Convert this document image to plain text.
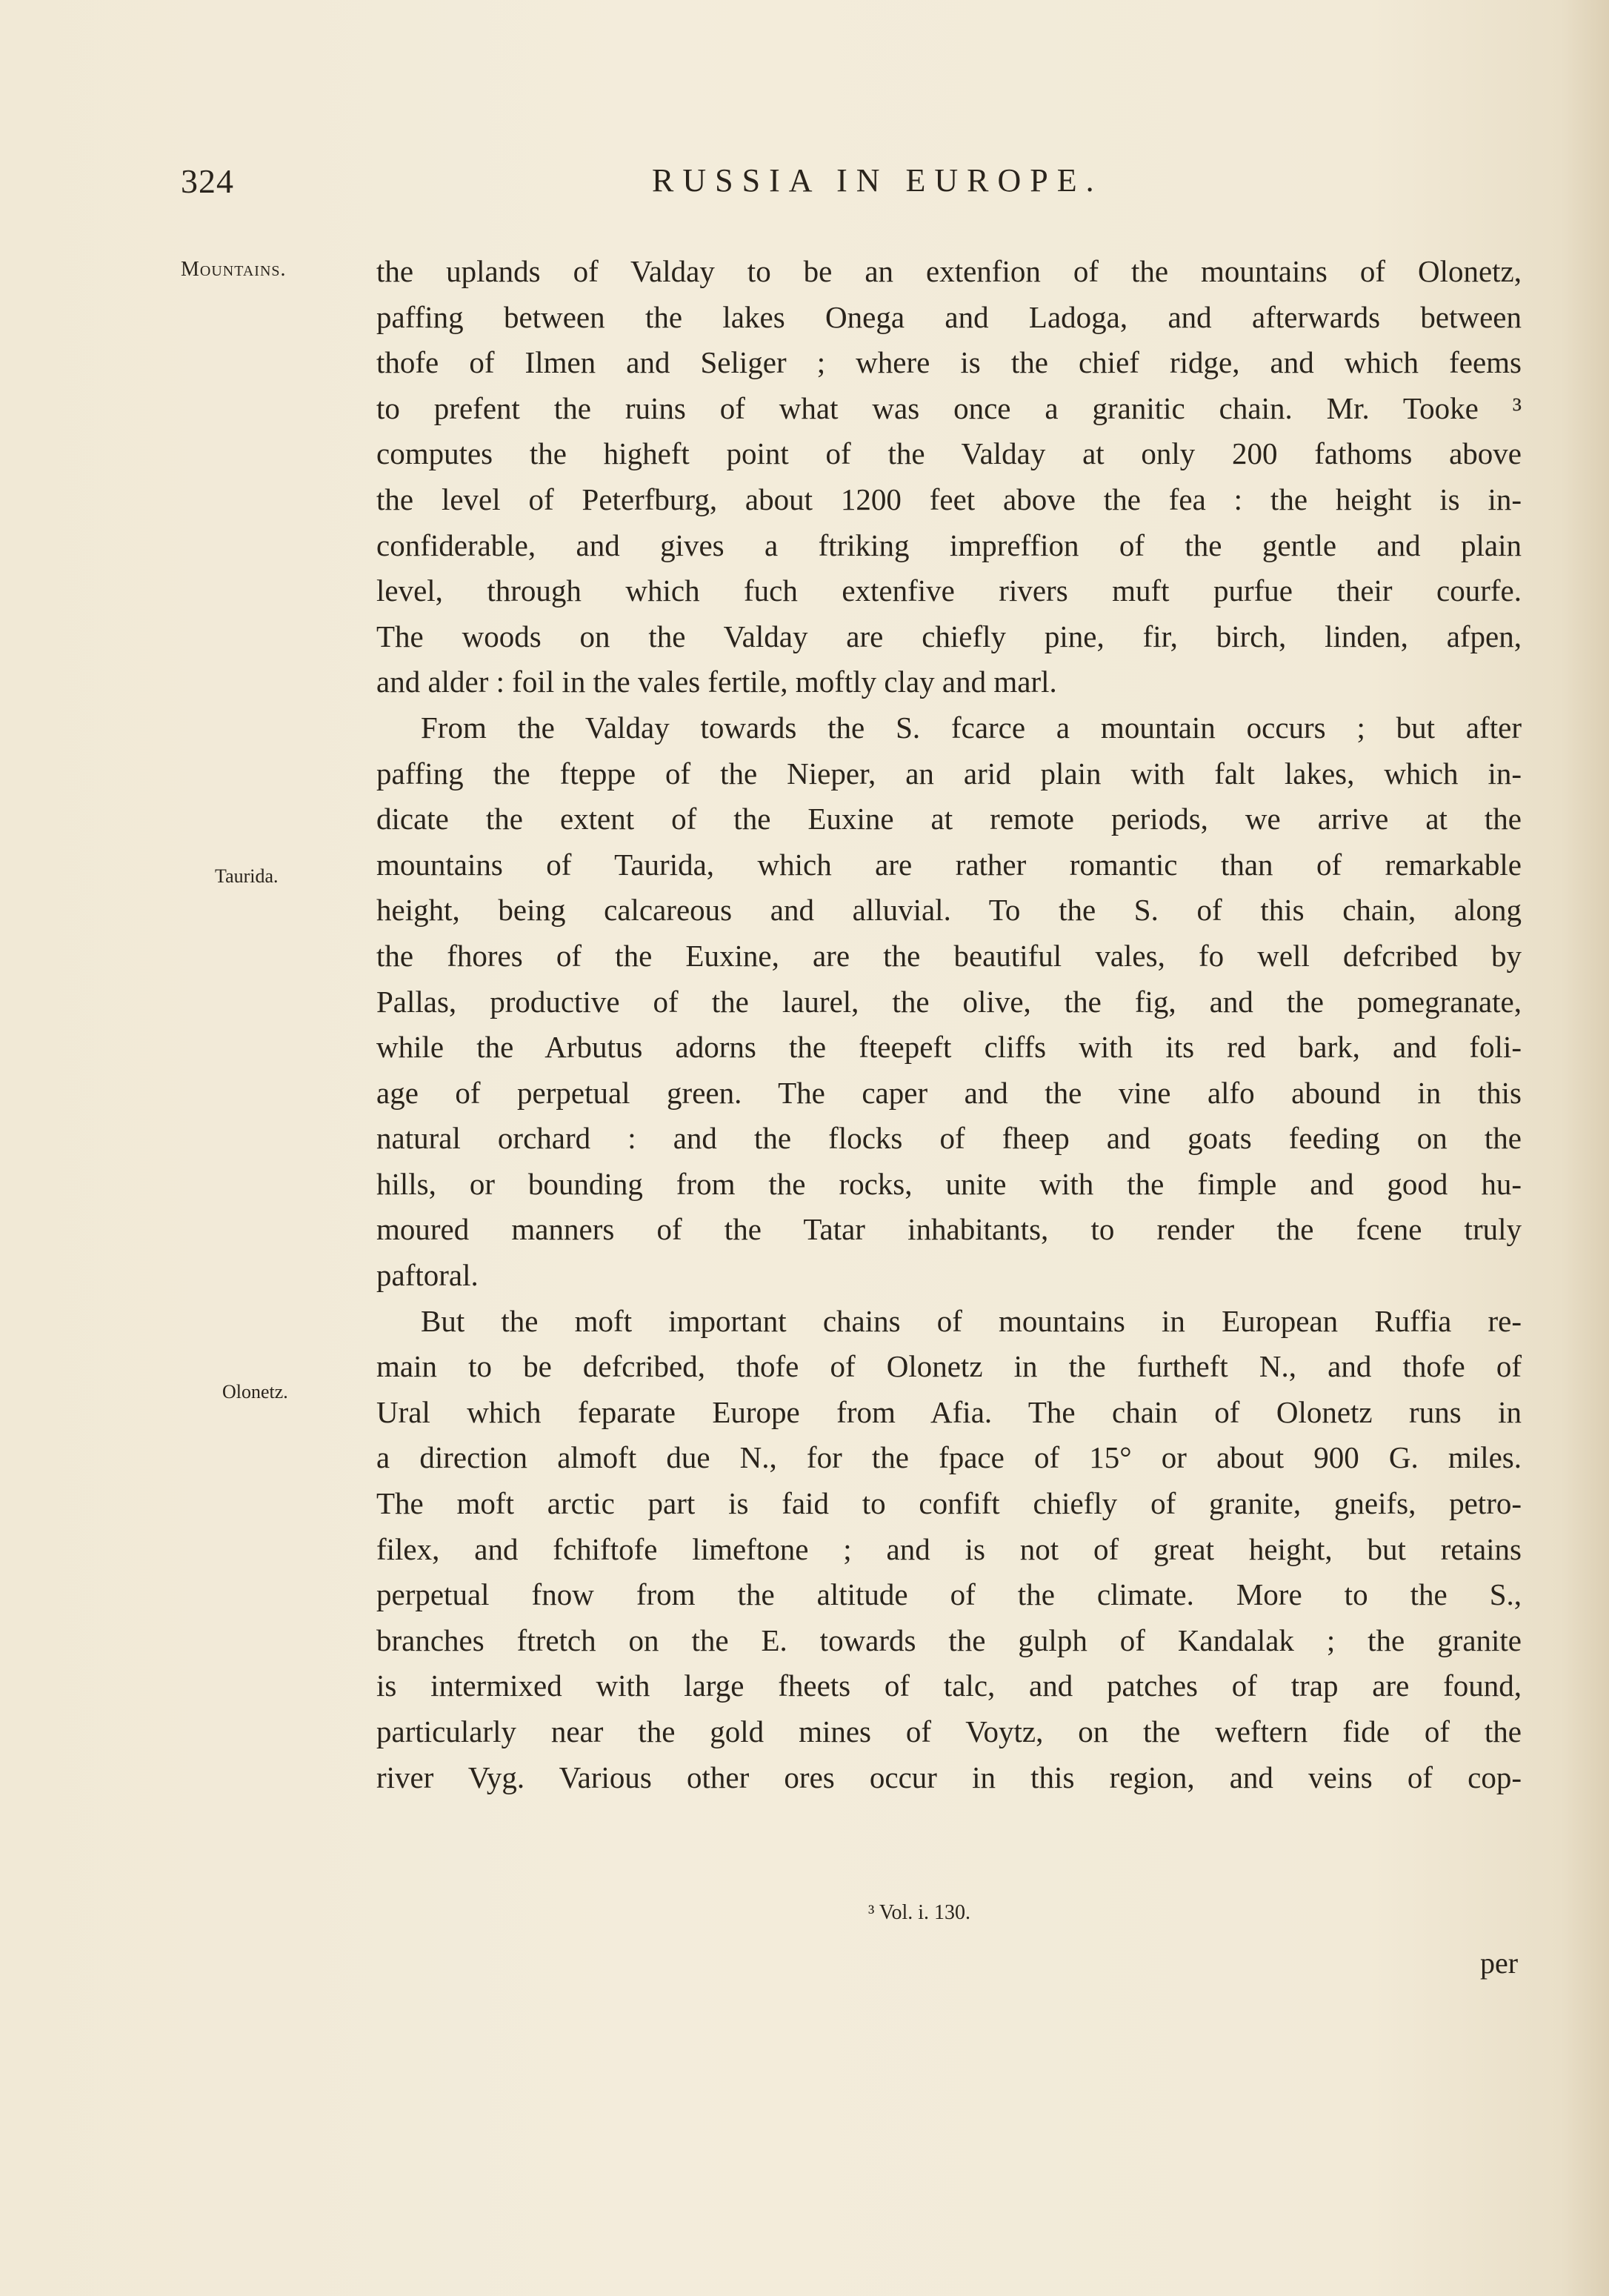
324	RUSSIA IN EUROPE.
Mountains.
Taurida.
Olonetz.
the uplands of Valday to be an extenfion of the mountains of Olonetz,
paffing between the lakes Onega and Ladoga, and afterwards between
thofe of Ilmen and Seliger ; where is the chief ridge, and which feems
to prefent the ruins of what was once a granitic chain. Mr. Tooke ³
computes the higheft point of the Valday at only 200 fathoms above
the level of Peterfburg, about 1200 feet above the fea : the height is in-
confiderable, and gives a ftriking impreffion of the gentle and plain
level, through which fuch extenfive rivers muft purfue their courfe.
The woods on the Valday are chiefly pine, fir, birch, linden, afpen,
and alder : foil in the vales fertile, moftly clay and marl.
From the Valday towards the S. fcarce a mountain occurs ; but after
paffing the fteppe of the Nieper, an arid plain with falt lakes, which in-
dicate the extent of the Euxine at remote periods, we arrive at the
mountains of Taurida, which are rather romantic than of remarkable
height, being calcareous and alluvial. To the S. of this chain, along
the fhores of the Euxine, are the beautiful vales, fo well defcribed by
Pallas, productive of the laurel, the olive, the fig, and the pomegranate,
while the Arbutus adorns the fteepeft cliffs with its red bark, and foli-
age of perpetual green. The caper and the vine alfo abound in this
natural orchard : and the flocks of fheep and goats feeding on the
hills, or bounding from the rocks, unite with the fimple and good hu-
moured manners of the Tatar inhabitants, to render the fcene truly
paftoral.
But the moft important chains of mountains in European Ruffia re-
main to be defcribed, thofe of Olonetz in the furtheft N., and thofe of
Ural which feparate Europe from Afia. The chain of Olonetz runs in
a direction almoft due N., for the fpace of 15° or about 900 G. miles.
The moft arctic part is faid to confift chiefly of granite, gneifs, petro-
filex, and fchiftofe limeftone ; and is not of great height, but retains
perpetual fnow from the altitude of the climate. More to the S.,
branches ftretch on the E. towards the gulph of Kandalak ; the granite
is intermixed with large fheets of talc, and patches of trap are found,
particularly near the gold mines of Voytz, on the weftern fide of the
river Vyg. Various other ores occur in this region, and veins of cop-
³ Vol. i. 130.
per
